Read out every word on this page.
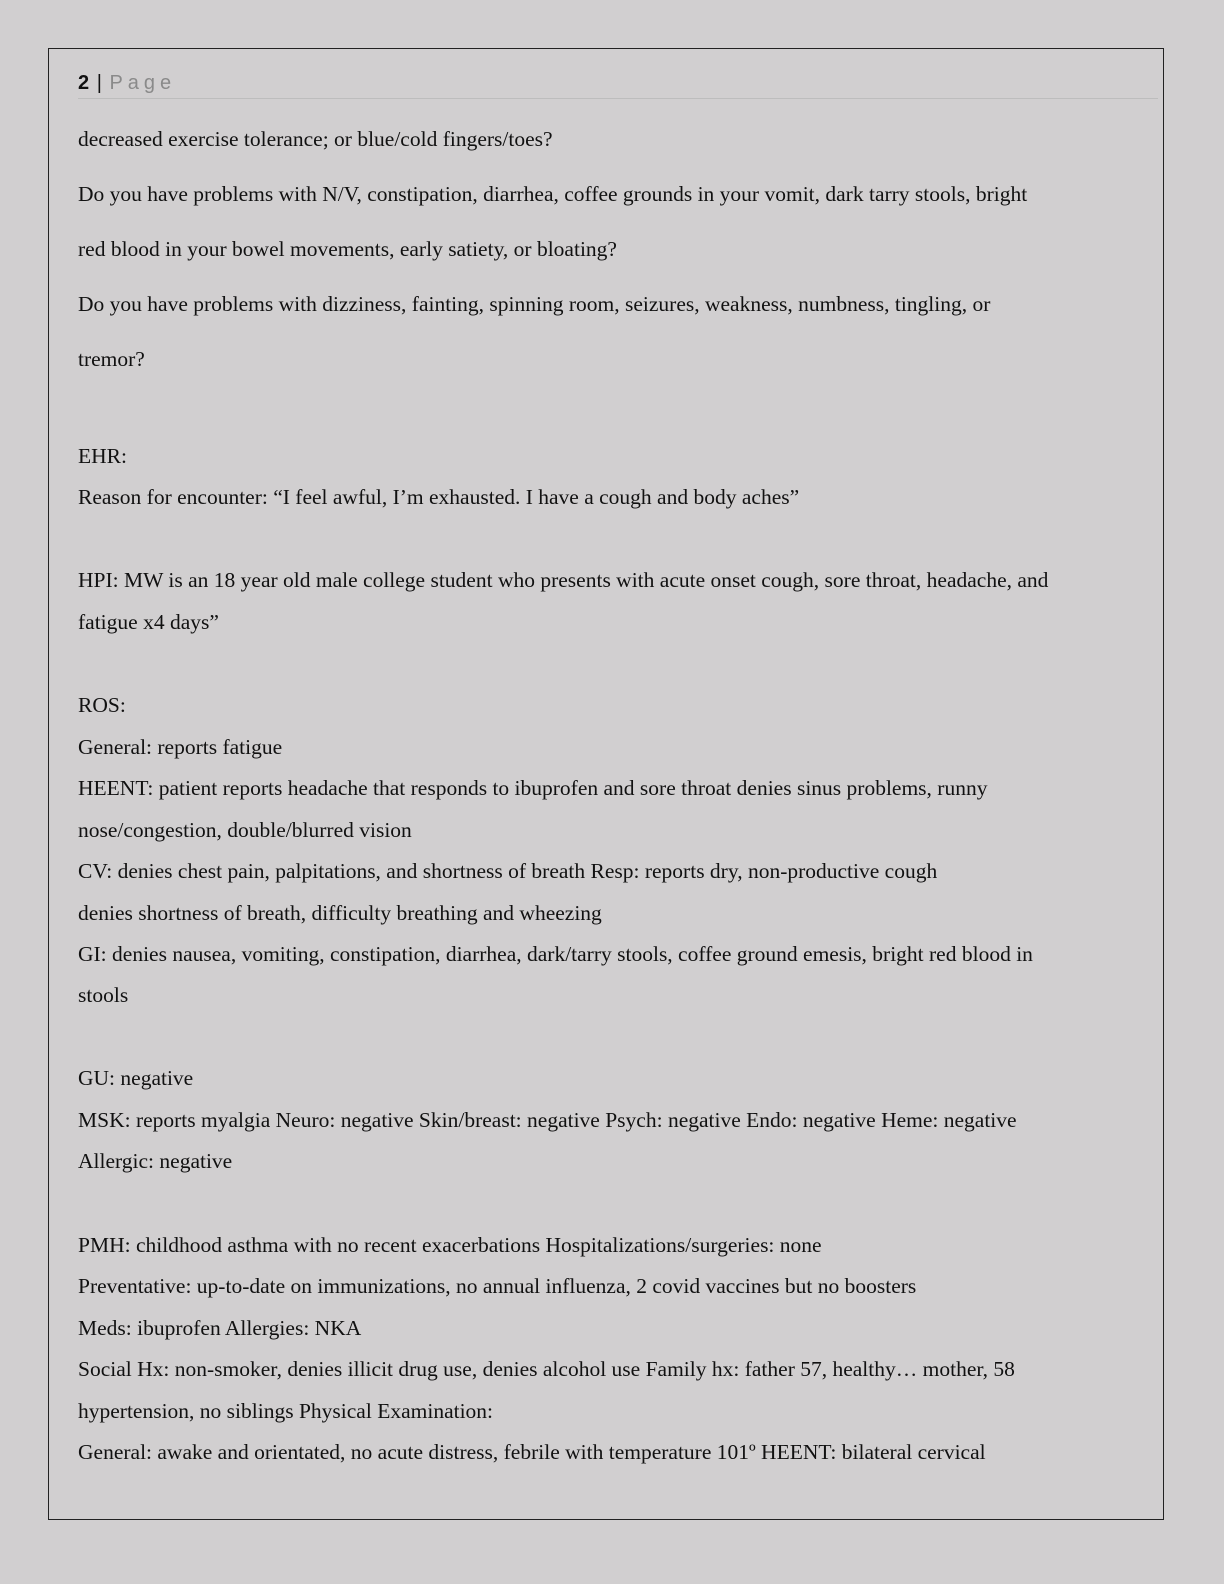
2 | Page

decreased exercise tolerance; or blue/cold fingers/toes?

Do you have problems with N/V, constipation, diarrhea, coffee grounds in your vomit, dark tarry stools, bright

red blood in your bowel movements, early satiety, or bloating?

Do you have problems with dizziness, fainting, spinning room, seizures, weakness, numbness, tingling, or

tremor?

EHR:

Reason for encounter: “I feel awful, I’m exhausted. I have a cough and body aches”

HPI: MW is an 18 year old male college student who presents with acute onset cough, sore throat, headache, and

fatigue x4 days”

ROS:

General: reports fatigue

HEENT: patient reports headache that responds to ibuprofen and sore throat denies sinus problems, runny

nose/congestion, double/blurred vision

CV: denies chest pain, palpitations, and shortness of breath Resp: reports dry, non-productive cough

denies shortness of breath, difficulty breathing and wheezing

GI: denies nausea, vomiting, constipation, diarrhea, dark/tarry stools, coffee ground emesis, bright red blood in

stools

GU: negative

MSK: reports myalgia Neuro: negative Skin/breast: negative Psych: negative Endo: negative Heme: negative

Allergic: negative

PMH: childhood asthma with no recent exacerbations Hospitalizations/surgeries: none

Preventative: up-to-date on immunizations, no annual influenza, 2 covid vaccines but no boosters

Meds: ibuprofen Allergies: NKA

Social Hx: non-smoker, denies illicit drug use, denies alcohol use Family hx: father 57, healthy… mother, 58

hypertension, no siblings Physical Examination:

General: awake and orientated, no acute distress, febrile with temperature 101º HEENT: bilateral cervical
